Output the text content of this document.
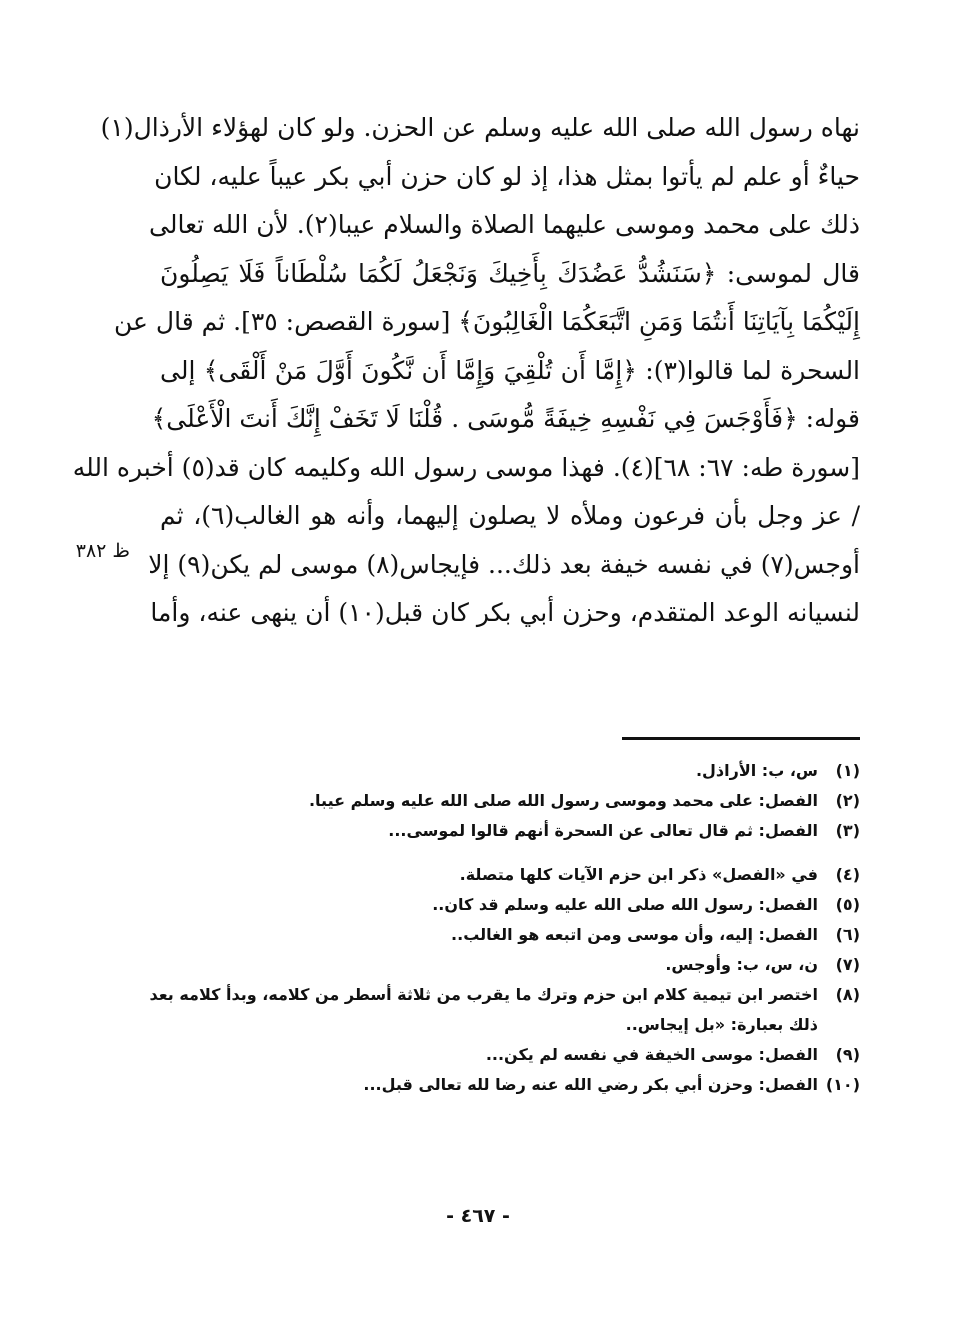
نهاه رسول الله صلى الله عليه وسلم عن الحزن. ولو كان لهؤلاء الأرذال(١)
حياءٌ أو علم لم يأتوا بمثل هذا، إذ لو كان حزن أبي بكر عيباً عليه، لكان
ذلك على محمد وموسى عليهما الصلاة والسلام عيبا(٢). لأن الله تعالى
قال لموسى: ﴿سَنَشُدُّ عَضُدَكَ بِأَخِيكَ وَنَجْعَلُ لَكُمَا سُلْطَاناً فَلَا يَصِلُونَ
إِلَيْكُمَا بِآيَاتِنَا أَنتُمَا وَمَنِ اتَّبَعَكُمَا الْغَالِبُونَ﴾ [سورة القصص: ٣٥]. ثم قال عن
السحرة لما قالوا(٣): ﴿إِمَّا أَن تُلْقِيَ وَإِمَّا أَن نَّكُونَ أَوَّلَ مَنْ أَلْقَى﴾ إلى
قوله: ﴿فَأَوْجَسَ فِي نَفْسِهِ خِيفَةً مُّوسَى . قُلْنَا لَا تَخَفْ إِنَّكَ أَنتَ الْأَعْلَى﴾
[سورة طه: ٦٧: ٦٨](٤). فهذا موسى رسول الله وكليمه كان قد(٥) أخبره الله
/ عز وجل بأن فرعون وملأه لا يصلون إليهما، وأنه هو الغالب(٦)، ثم
أوجس(٧) في نفسه خيفة بعد ذلك... فإيجاس(٨) موسى لم يكن(٩) إلا
لنسيانه الوعد المتقدم، وحزن أبي بكر كان قبل(١٠) أن ينهى عنه، وأما
ظ ٣٨٢
(١)
س، ب: الأراذل.
(٢)
الفصل: على محمد وموسى رسول الله صلى الله عليه وسلم عيبا.
(٣)
الفصل: ثم قال تعالى عن السحرة أنهم قالوا لموسى...
(٤)
في «الفصل» ذكر ابن حزم الآيات كلها متصلة.
(٥)
الفصل: رسول الله صلى الله عليه وسلم قد كان..
(٦)
الفصل: إليه، وأن موسى ومن اتبعه هو الغالب..
(٧)
ن، س، ب: وأوجس.
(٨)
اختصر ابن تيمية كلام ابن حزم وترك ما يقرب من ثلاثة أسطر من كلامه، وبدأ كلامه بعد
ذلك بعبارة: «بل إيجاس..
(٩)
الفصل: موسى الخيفة في نفسه لم يكن...
(١٠)
الفصل: وحزن أبي بكر رضي الله عنه رضا لله تعالى قبل...
- ٤٦٧ -
